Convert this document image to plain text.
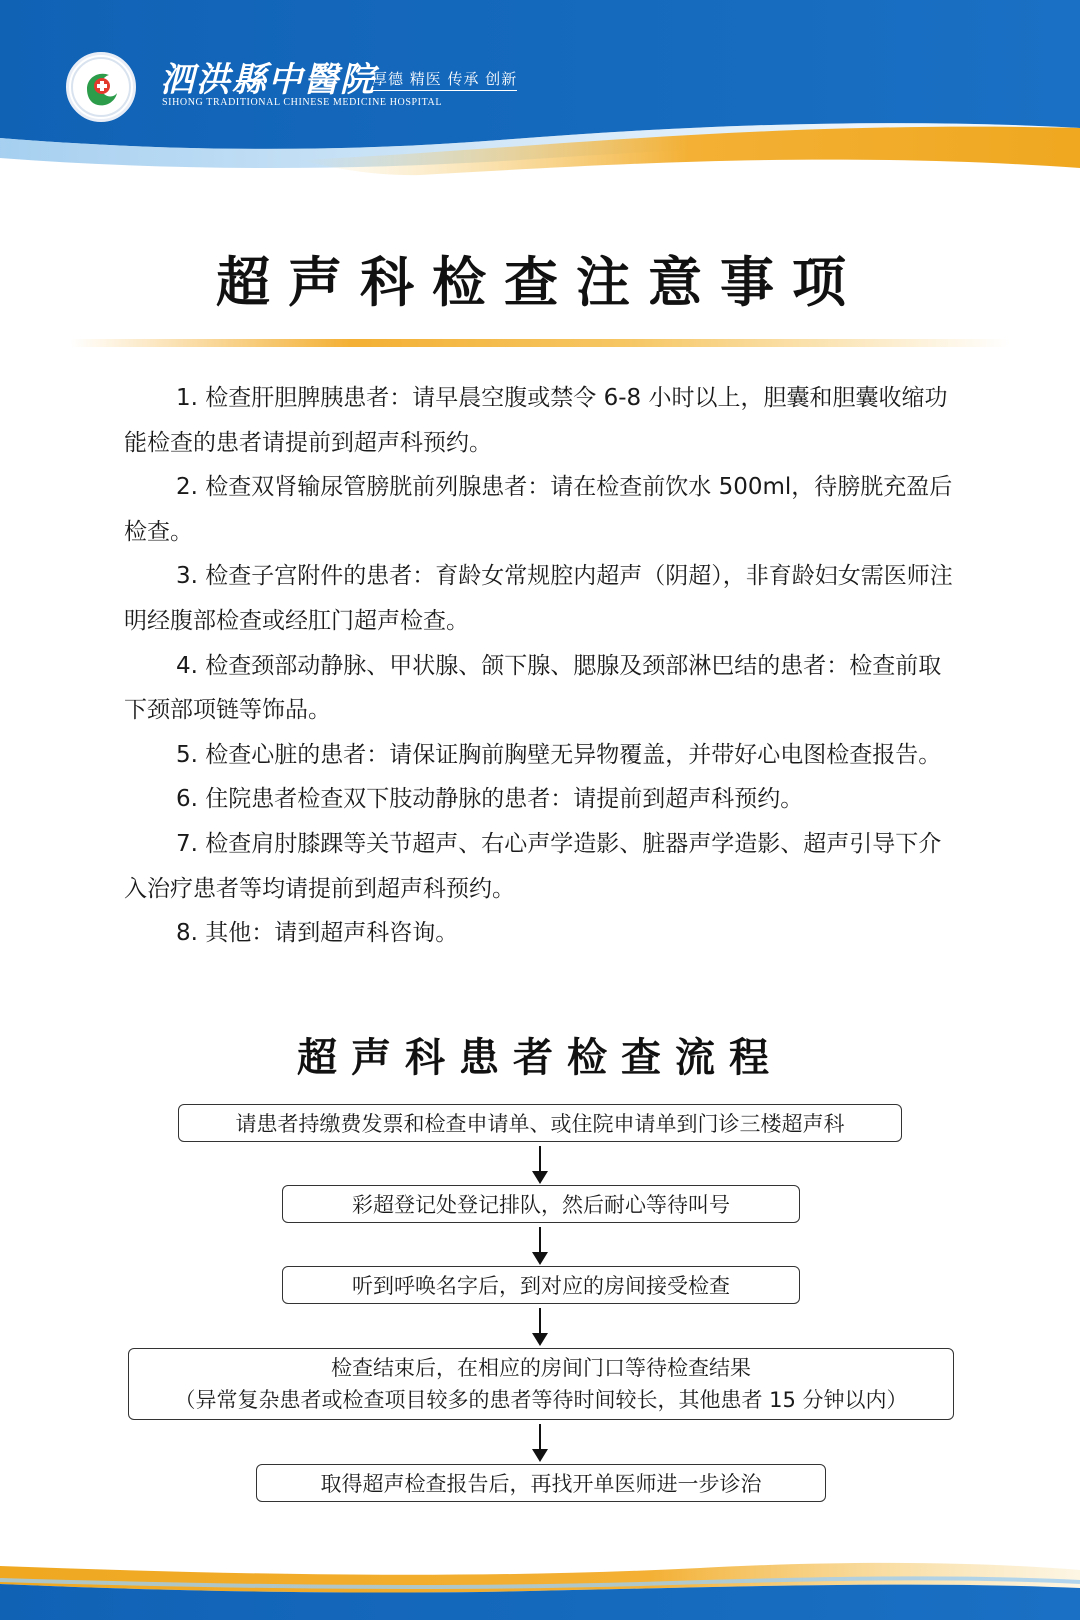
泗洪縣中醫院
厚德 精医 传承 创新
SIHONG TRADITIONAL CHINESE MEDICINE HOSPITAL
超声科检查注意事项

1. 检查肝胆脾胰患者：请早晨空腹或禁令 6-8 小时以上，胆囊和胆囊收缩功能检查的患者请提前到超声科预约。

2. 检查双肾输尿管膀胱前列腺患者：请在检查前饮水 500ml，待膀胱充盈后检查。

3. 检查子宫附件的患者：育龄女常规腔内超声（阴超），非育龄妇女需医师注明经腹部检查或经肛门超声检查。

4. 检查颈部动静脉、甲状腺、颌下腺、腮腺及颈部淋巴结的患者：检查前取下颈部项链等饰品。

5. 检查心脏的患者：请保证胸前胸壁无异物覆盖，并带好心电图检查报告。

6. 住院患者检查双下肢动静脉的患者：请提前到超声科预约。

7. 检查肩肘膝踝等关节超声、右心声学造影、脏器声学造影、超声引导下介入治疗患者等均请提前到超声科预约。

8. 其他：请到超声科咨询。

超声科患者检查流程
请患者持缴费发票和检查申请单、或住院申请单到门诊三楼超声科
彩超登记处登记排队，然后耐心等待叫号
听到呼唤名字后，到对应的房间接受检查
检查结束后，在相应的房间门口等待检查结果
（异常复杂患者或检查项目较多的患者等待时间较长，其他患者 15 分钟以内）
取得超声检查报告后，再找开单医师进一步诊治
